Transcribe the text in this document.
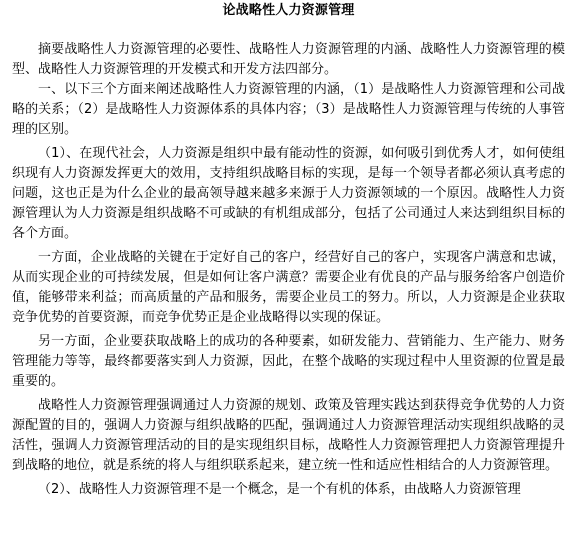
论战略性人力资源管理

摘要战略性人力资源管理的必要性、战略性人力资源管理的内涵、战略性人力资源管理的模型、战略性人力资源管理的开发模式和开发方法四部分。

一、以下三个方面来阐述战略性人力资源管理的内涵，（1）是战略性人力资源管理和公司战略的关系；（2）是战略性人力资源体系的具体内容；（3）是战略性人力资源管理与传统的人事管理的区别。

（1）、在现代社会，人力资源是组织中最有能动性的资源，如何吸引到优秀人才，如何使组织现有人力资源发挥更大的效用，支持组织战略目标的实现，是每一个领导者都必须认真考虑的问题，这也正是为什么企业的最高领导越来越多来源于人力资源领域的一个原因。战略性人力资源管理认为人力资源是组织战略不可或缺的有机组成部分，包括了公司通过人来达到组织目标的各个方面。

一方面，企业战略的关键在于定好自己的客户，经营好自己的客户，实现客户满意和忠诚，从而实现企业的可持续发展，但是如何让客户满意？需要企业有优良的产品与服务给客户创造价值，能够带来利益；而高质量的产品和服务，需要企业员工的努力。所以，人力资源是企业获取竞争优势的首要资源，而竞争优势正是企业战略得以实现的保证。

另一方面，企业要获取战略上的成功的各种要素，如研发能力、营销能力、生产能力、财务管理能力等等，最终都要落实到人力资源，因此，在整个战略的实现过程中人里资源的位置是最重要的。

战略性人力资源管理强调通过人力资源的规划、政策及管理实践达到获得竞争优势的人力资源配置的目的，强调人力资源与组织战略的匹配，强调通过人力资源管理活动实现组织战略的灵活性，强调人力资源管理活动的目的是实现组织目标，战略性人力资源管理把人力资源管理提升到战略的地位，就是系统的将人与组织联系起来，建立统一性和适应性相结合的人力资源管理。

（2）、战略性人力资源管理不是一个概念，是一个有机的体系，由战略人力资源管理
